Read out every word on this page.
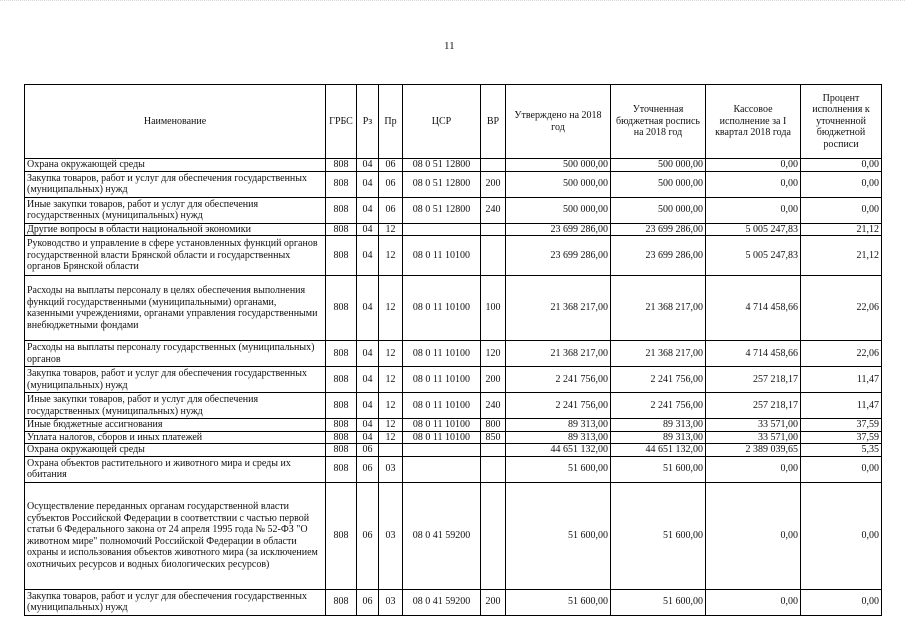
11
Наименование	ГРБС	Рз	Пр	ЦСР	ВР	Утверждено на 2018 год	Уточненная бюджетная роспись на 2018 год	Кассовое исполнение за I квартал 2018 года	Процент исполнения к уточненной бюджетной росписи
Охрана окружающей среды	808	04	06	08 0 51 12800		500 000,00	500 000,00	0,00	0,00
Закупка товаров, работ и услуг для обеспечения государственных (муниципальных) нужд	808	04	06	08 0 51 12800	200	500 000,00	500 000,00	0,00	0,00
Иные закупки товаров, работ и услуг для обеспечения государственных (муниципальных) нужд	808	04	06	08 0 51 12800	240	500 000,00	500 000,00	0,00	0,00
Другие вопросы в области национальной экономики	808	04	12			23 699 286,00	23 699 286,00	5 005 247,83	21,12
Руководство и управление в сфере установленных функций органов государственной власти Брянской области и государственных органов Брянской области	808	04	12	08 0 11 10100		23 699 286,00	23 699 286,00	5 005 247,83	21,12
Расходы на выплаты персоналу в целях обеспечения выполнения функций государственными (муниципальными) органами, казенными учреждениями, органами управления государственными внебюджетными фондами	808	04	12	08 0 11 10100	100	21 368 217,00	21 368 217,00	4 714 458,66	22,06
Расходы на выплаты персоналу государственных (муниципальных) органов	808	04	12	08 0 11 10100	120	21 368 217,00	21 368 217,00	4 714 458,66	22,06
Закупка товаров, работ и услуг для обеспечения государственных (муниципальных) нужд	808	04	12	08 0 11 10100	200	2 241 756,00	2 241 756,00	257 218,17	11,47
Иные закупки товаров, работ и услуг для обеспечения государственных (муниципальных) нужд	808	04	12	08 0 11 10100	240	2 241 756,00	2 241 756,00	257 218,17	11,47
Иные бюджетные ассигнования	808	04	12	08 0 11 10100	800	89 313,00	89 313,00	33 571,00	37,59
Уплата налогов, сборов и иных платежей	808	04	12	08 0 11 10100	850	89 313,00	89 313,00	33 571,00	37,59
Охрана окружающей среды	808	06				44 651 132,00	44 651 132,00	2 389 039,65	5,35
Охрана объектов растительного и животного мира и среды их обитания	808	06	03			51 600,00	51 600,00	0,00	0,00
Осуществление переданных органам государственной власти субъектов Российской Федерации в соответствии с частью первой статьи 6 Федерального закона от 24 апреля 1995 года № 52-ФЗ "О животном мире" полномочий Российской Федерации в области охраны и использования объектов животного мира (за исключением охотничьих ресурсов и водных биологических ресурсов)	808	06	03	08 0 41 59200		51 600,00	51 600,00	0,00	0,00
Закупка товаров, работ и услуг для обеспечения государственных (муниципальных) нужд	808	06	03	08 0 41 59200	200	51 600,00	51 600,00	0,00	0,00
